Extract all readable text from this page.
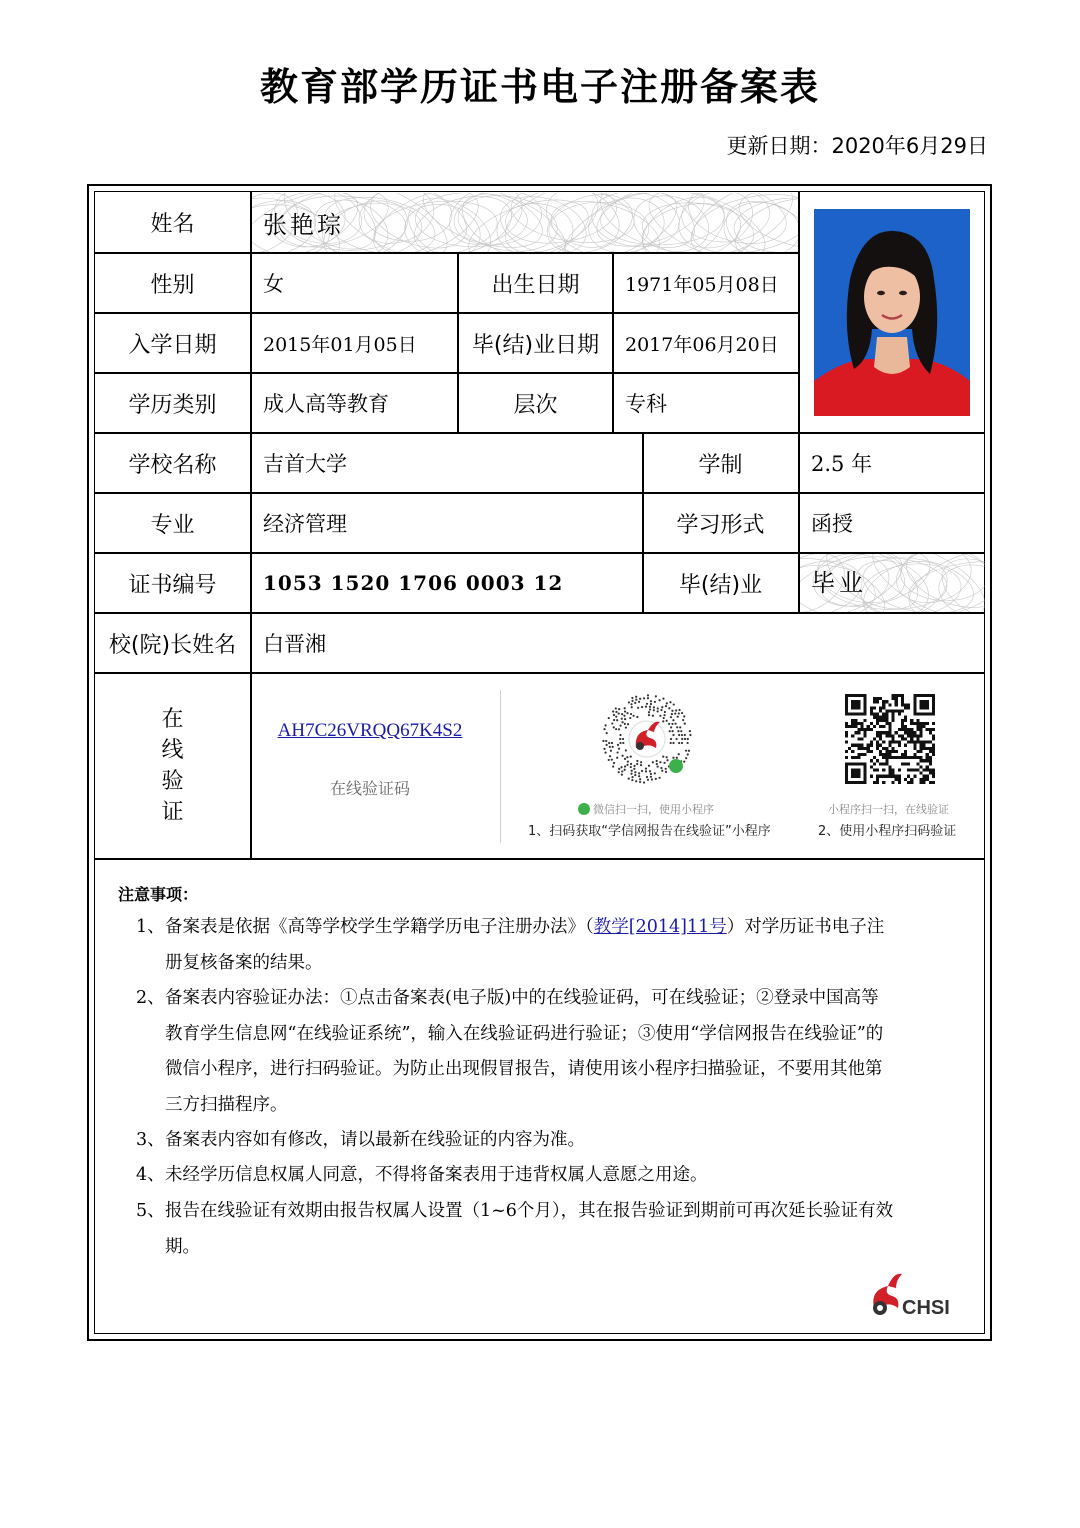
教育部学历证书电子注册备案表
更新日期：2020年6月29日
姓名	张艳琮
性别	女	出生日期	1971年05月08日
入学日期	2015年01月05日	毕(结)业日期	2017年06月20日
学历类别	成人高等教育	层次	专科
学校名称	吉首大学	学制	2.5 年
专业	经济管理	学习形式	函授
证书编号	1053 1520 1706 0003 12	毕(结)业	毕业
校(院)长姓名	白晋湘
在
线
验
证
AH7C26VRQQ67K4S2
在线验证码
微信扫一扫，使用小程序
1、扫码获取“学信网报告在线验证”小程序
小程序扫一扫，在线验证
2、使用小程序扫码验证
注意事项：
1、 备案表是依据《高等学校学生学籍学历电子注册办法》（教学[2014]11号）对学历证书电子注册复核备案的结果。
2、 备案表内容验证办法：①点击备案表(电子版)中的在线验证码，可在线验证；②登录中国高等教育学生信息网“在线验证系统”，输入在线验证码进行验证；③使用“学信网报告在线验证”的微信小程序，进行扫码验证。为防止出现假冒报告，请使用该小程序扫描验证，不要用其他第三方扫描程序。
3、 备案表内容如有修改，请以最新在线验证的内容为准。
4、 未经学历信息权属人同意，不得将备案表用于违背权属人意愿之用途。
5、 报告在线验证有效期由报告权属人设置（1~6个月），其在报告验证到期前可再次延长验证有效期。
CHSI
